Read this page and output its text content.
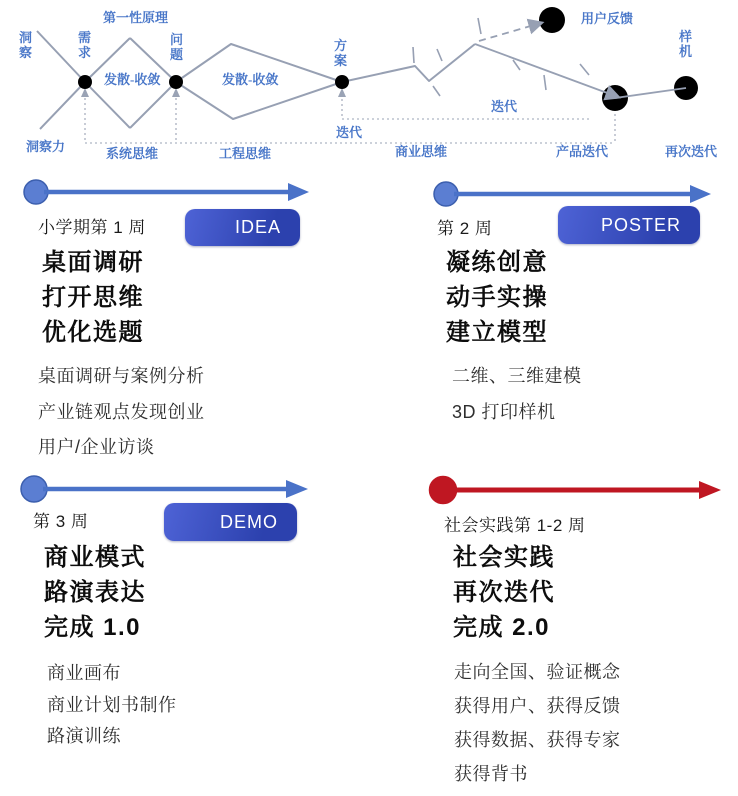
洞察
需求
第一性原理
问题
发散-收敛	发散-收敛
方案
用户反馈
样机
迭代
迭代
洞察力	系统思维	工程思维	商业思维	产品迭代	再次迭代
小学期第 1 周	IDEA
桌面调研
打开思维
优化选题
桌面调研与案例分析
产业链观点发现创业
用户/企业访谈
第 2 周	POSTER
凝练创意
动手实操
建立模型
二维、三维建模
3D 打印样机
第 3 周	DEMO
商业模式
路演表达
完成 1.0
商业画布
商业计划书制作
路演训练
社会实践第 1-2 周
社会实践
再次迭代
完成 2.0
走向全国、验证概念
获得用户、获得反馈
获得数据、获得专家
获得背书
